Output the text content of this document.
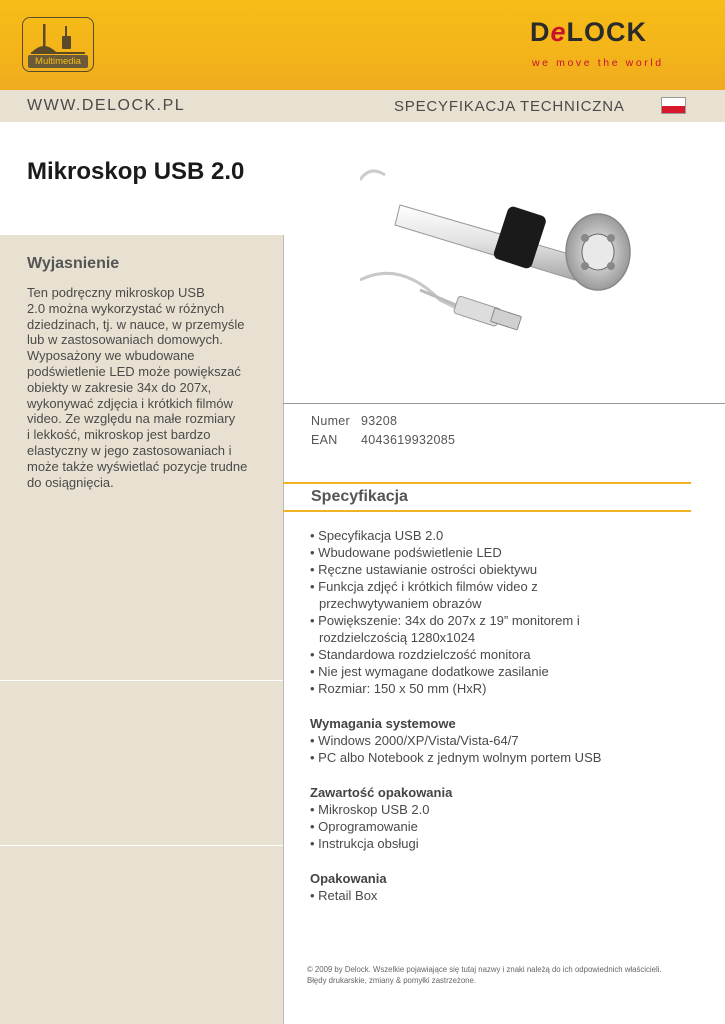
Multimedia
DeLOCK
we move the world
WWW.DELOCK.PL	SPECYFIKACJA TECHNICZNA
Mikroskop USB 2.0
Wyjasnienie
Ten podręczny mikroskop USB
2.0 można wykorzystać w różnych
dziedzinach, tj. w nauce, w przemyśle
lub w zastosowaniach domowych.
Wyposażony we wbudowane
podświetlenie LED może powiększać
obiekty w zakresie 34x do 207x,
wykonywać zdjęcia i krótkich filmów
video. Ze względu na małe rozmiary
i lekkość, mikroskop jest bardzo
elastyczny w jego zastosowaniach i
może także wyświetlać pozycje trudne
do osiągnięcia.
Numer 93208
EAN 4043619932085
Specyfikacja
• Specyfikacja USB 2.0
• Wbudowane podświetlenie LED
• Ręczne ustawianie ostrości obiektywu
• Funkcja zdjęć i krótkich filmów video z przechwytywaniem obrazów
• Powiększenie: 34x do 207x z 19” monitorem i rozdzielczością 1280x1024
• Standardowa rozdzielczość monitora
• Nie jest wymagane dodatkowe zasilanie
• Rozmiar: 150 x 50 mm (HxR)
Wymagania systemowe
• Windows 2000/XP/Vista/Vista-64/7
• PC albo Notebook z jednym wolnym portem USB
Zawartość opakowania
• Mikroskop USB 2.0
• Oprogramowanie
• Instrukcja obsługi
Opakowania
• Retail Box
© 2009 by Delock. Wszelkie pojawiające się tutaj nazwy i znaki należą do ich odpowiednich właścicieli.
Błędy drukarskie, zmiany & pomyłki zastrzeżone.
